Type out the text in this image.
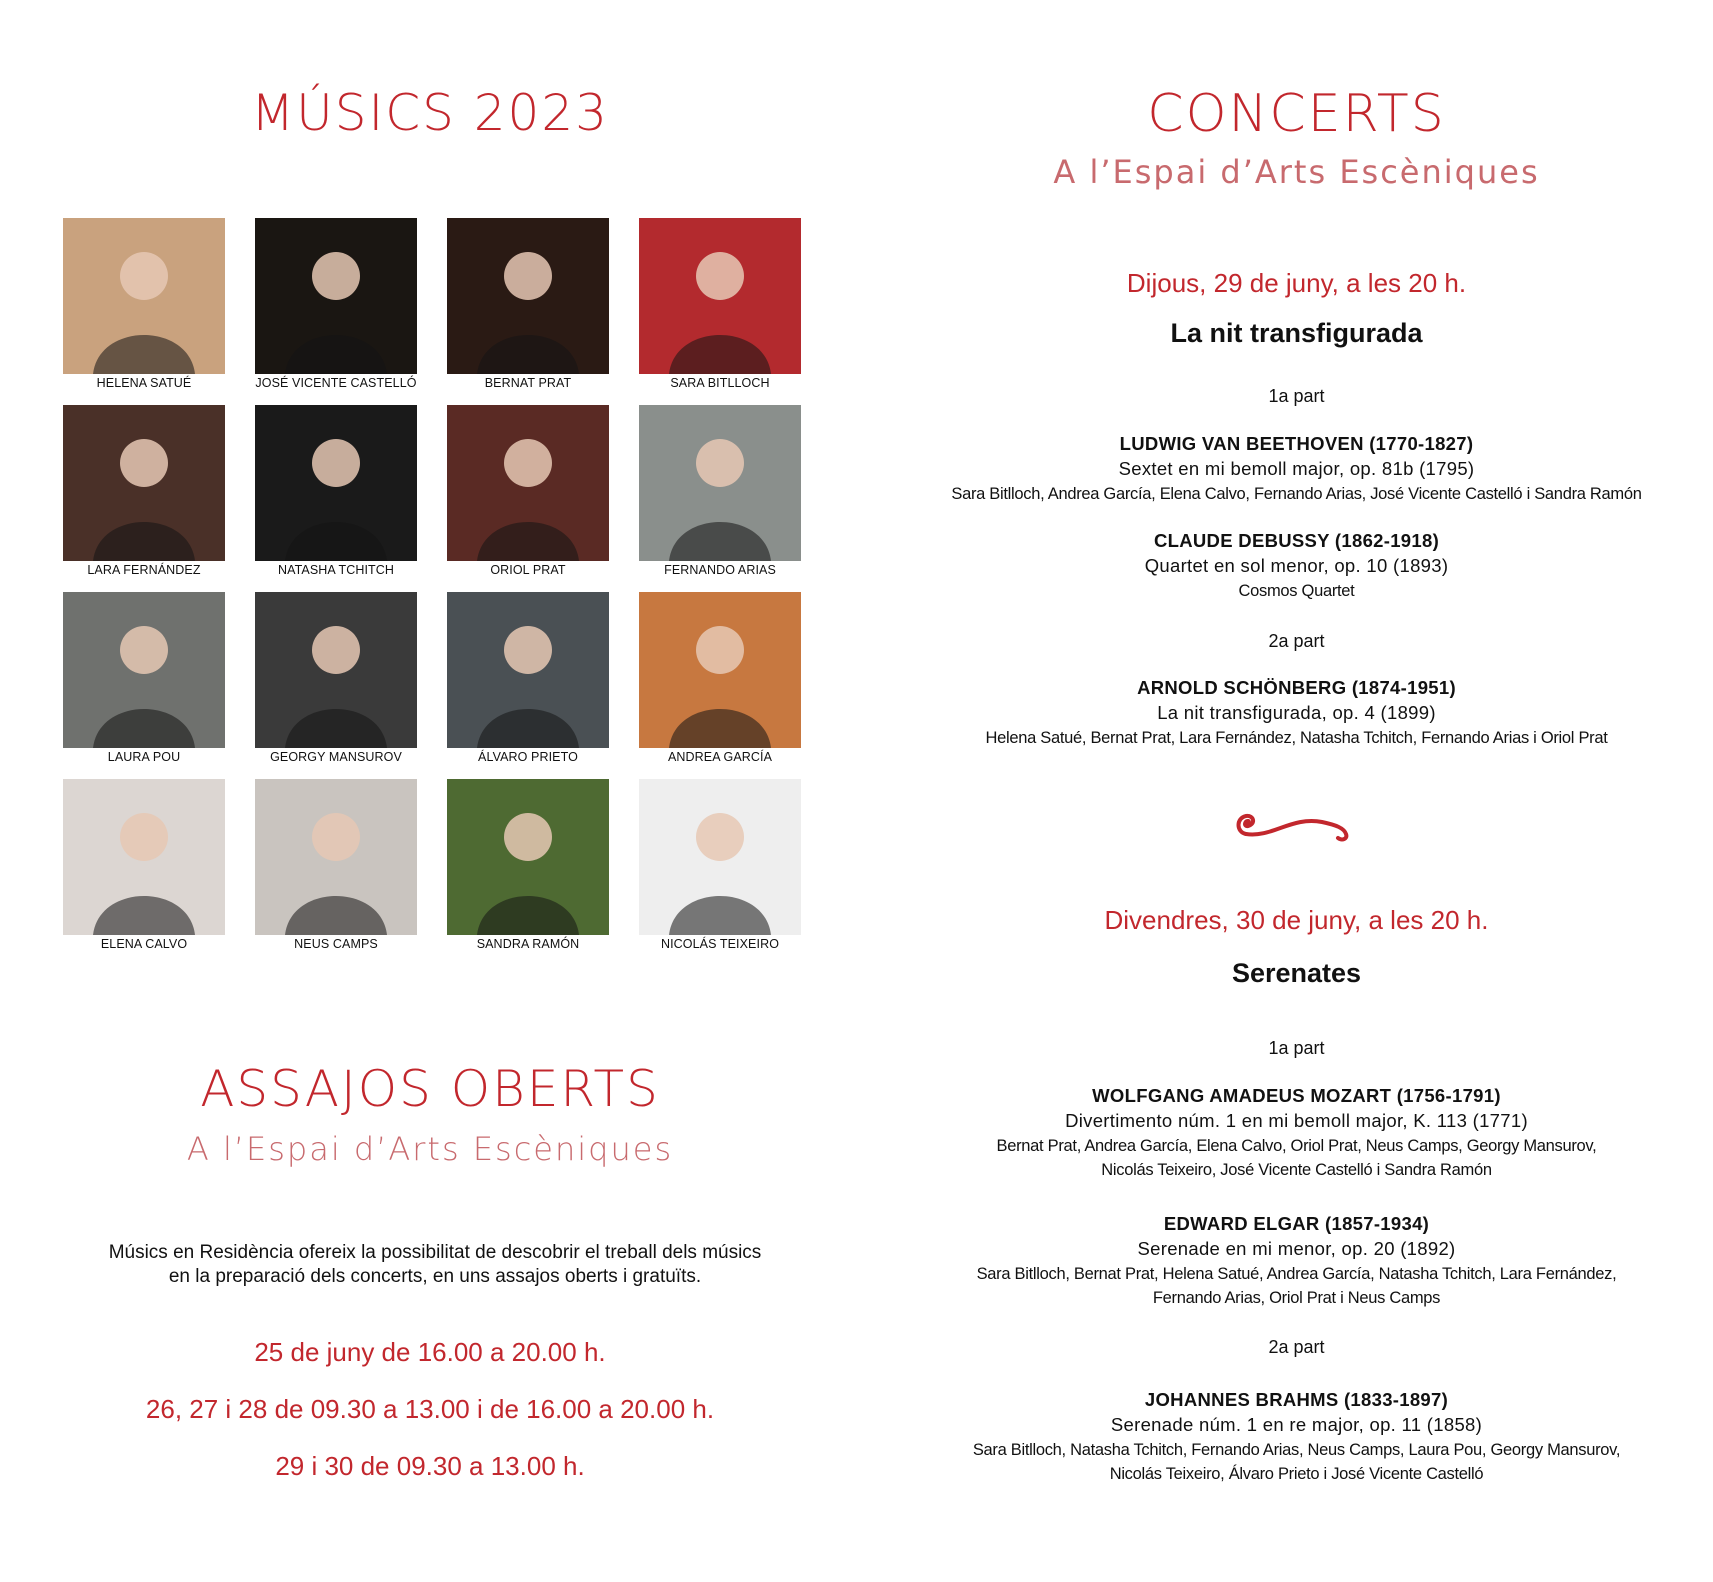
MÚSICS 2023
HELENA SATUÉ	JOSÉ VICENTE CASTELLÓ	BERNAT PRAT	SARA BITLLOCH
LARA FERNÁNDEZ	NATASHA TCHITCH	ORIOL PRAT	FERNANDO ARIAS
LAURA POU	GEORGY MANSUROV	ÁLVARO PRIETO	ANDREA GARCÍA
ELENA CALVO	NEUS CAMPS	SANDRA RAMÓN	NICOLÁS TEIXEIRO
ASSAJOS OBERTS
A l’Espai d’Arts Escèniques
Músics en Residència ofereix la possibilitat de descobrir el treball dels músics
en la preparació dels concerts, en uns assajos oberts i gratuïts.
25 de juny de 16.00 a 20.00 h.
26, 27 i 28 de 09.30 a 13.00 i de 16.00 a 20.00 h.
29 i 30 de 09.30 a 13.00 h.
CONCERTS
A l’Espai d’Arts Escèniques
Dijous, 29 de juny, a les 20 h.
La nit transfigurada
1a part
LUDWIG VAN BEETHOVEN (1770-1827)
Sextet en mi bemoll major, op. 81b (1795)
Sara Bitlloch, Andrea García, Elena Calvo, Fernando Arias, José Vicente Castelló i Sandra Ramón
CLAUDE DEBUSSY (1862-1918)
Quartet en sol menor, op. 10 (1893)
Cosmos Quartet
2a part
ARNOLD SCHÖNBERG (1874-1951)
La nit transfigurada, op. 4 (1899)
Helena Satué, Bernat Prat, Lara Fernández, Natasha Tchitch, Fernando Arias i Oriol Prat
Divendres, 30 de juny, a les 20 h.
Serenates
1a part
WOLFGANG AMADEUS MOZART (1756-1791)
Divertimento núm. 1 en mi bemoll major, K. 113 (1771)
Bernat Prat, Andrea García, Elena Calvo, Oriol Prat, Neus Camps, Georgy Mansurov,
Nicolás Teixeiro, José Vicente Castelló i Sandra Ramón
EDWARD ELGAR (1857-1934)
Serenade en mi menor, op. 20 (1892)
Sara Bitlloch, Bernat Prat, Helena Satué, Andrea García, Natasha Tchitch, Lara Fernández,
Fernando Arias, Oriol Prat i Neus Camps
2a part
JOHANNES BRAHMS (1833-1897)
Serenade núm. 1 en re major, op. 11 (1858)
Sara Bitlloch, Natasha Tchitch, Fernando Arias, Neus Camps, Laura Pou, Georgy Mansurov,
Nicolás Teixeiro, Álvaro Prieto i José Vicente Castelló
